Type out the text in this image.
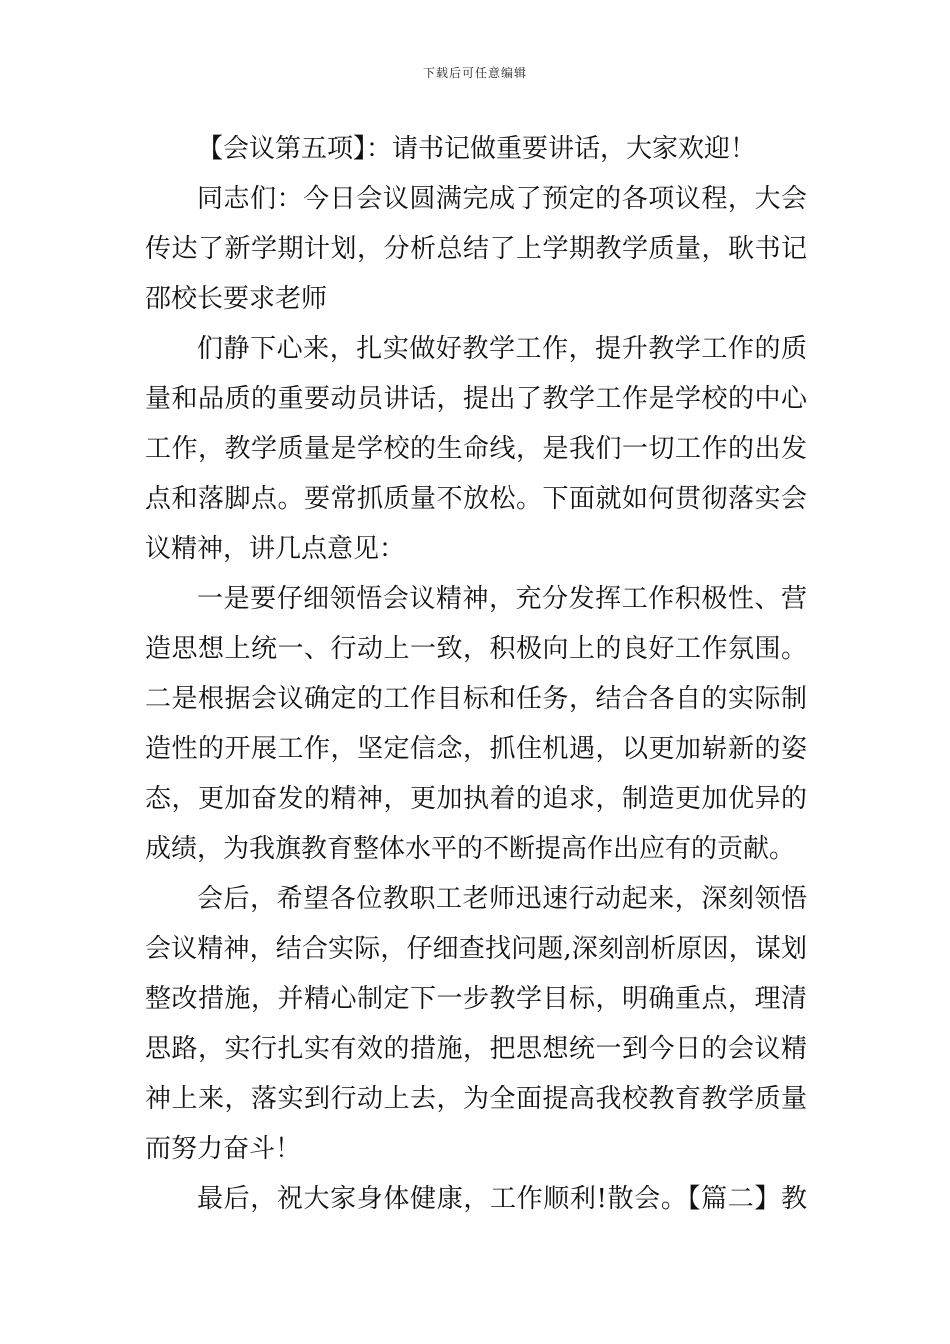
下载后可任意编辑
【会议第五项】：请书记做重要讲话，大家欢迎！
同志们：今日会议圆满完成了预定的各项议程，大会
传达了新学期计划，分析总结了上学期教学质量，耿书记
邵校长要求老师
们静下心来，扎实做好教学工作，提升教学工作的质
量和品质的重要动员讲话，提出了教学工作是学校的中心
工作，教学质量是学校的生命线，是我们一切工作的出发
点和落脚点。要常抓质量不放松。下面就如何贯彻落实会
议精神，讲几点意见：
一是要仔细领悟会议精神，充分发挥工作积极性、营
造思想上统一、行动上一致，积极向上的良好工作氛围。
二是根据会议确定的工作目标和任务，结合各自的实际制
造性的开展工作，坚定信念，抓住机遇，以更加崭新的姿
态，更加奋发的精神，更加执着的追求，制造更加优异的
成绩，为我旗教育整体水平的不断提高作出应有的贡献。
会后，希望各位教职工老师迅速行动起来，深刻领悟
会议精神，结合实际，仔细查找问题,深刻剖析原因，谋划
整改措施，并精心制定下一步教学目标，明确重点，理清
思路，实行扎实有效的措施，把思想统一到今日的会议精
神上来，落实到行动上去，为全面提高我校教育教学质量
而努力奋斗！
最后，祝大家身体健康，工作顺利!散会。【篇二】教
